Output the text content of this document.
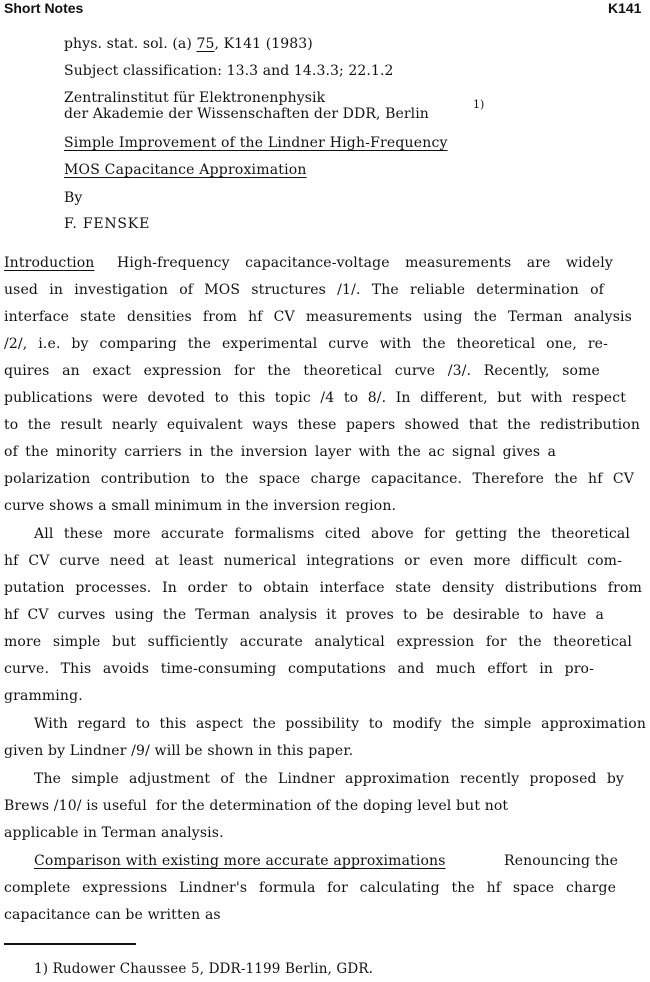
Short Notes	K141
phys. stat. sol. (a) 75, K141 (1983)
Subject classification: 13.3 and 14.3.3; 22.1.2
Zentralinstitut für Elektronenphysik
der Akademie der Wissenschaften der DDR, Berlin
1)
Simple Improvement of the Lindner High-Frequency
MOS Capacitance Approximation
By
F. FENSKE
Introduction High-frequency capacitance-voltage measurements are widely
used in investigation of MOS structures /1/. The reliable determination of
interface state densities from hf CV measurements using the Terman analysis
/2/, i.e. by comparing the experimental curve with the theoretical one, re-
quires an exact expression for the theoretical curve /3/. Recently, some
publications were devoted to this topic /4 to 8/. In different, but with respect
to the result nearly equivalent ways these papers showed that the redistribution
of the minority carriers in the inversion layer with the ac signal gives a
polarization contribution to the space charge capacitance. Therefore the hf CV
curve shows a small minimum in the inversion region.
All these more accurate formalisms cited above for getting the theoretical
hf CV curve need at least numerical integrations or even more difficult com-
putation processes. In order to obtain interface state density distributions from
hf CV curves using the Terman analysis it proves to be desirable to have a
more simple but sufficiently accurate analytical expression for the theoretical
curve. This avoids time-consuming computations and much effort in pro-
gramming.
With regard to this aspect the possibility to modify the simple approximation
given by Lindner /9/ will be shown in this paper.
The simple adjustment of the Lindner approximation recently proposed by
Brews /10/ is useful  for the determination of the doping level but not
applicable in Terman analysis.
Comparison with existing more accurate approximations	Renouncing the
complete expressions Lindner's formula for calculating the hf space charge
capacitance can be written as
1) Rudower Chaussee 5, DDR-1199 Berlin, GDR.
